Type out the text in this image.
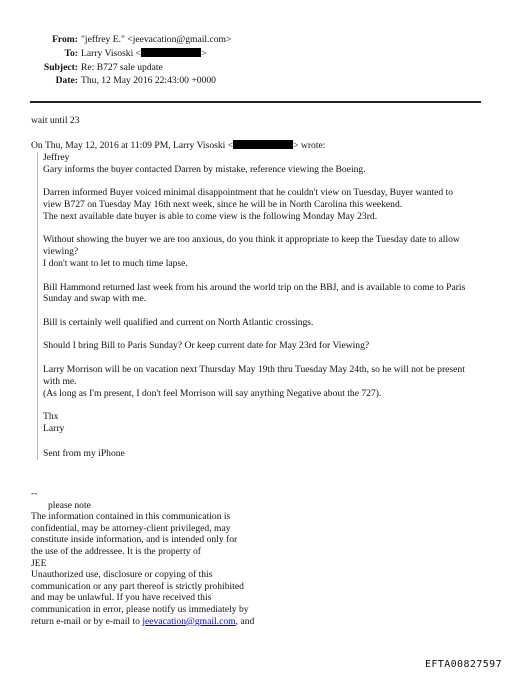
From: "jeffrey E." <jeevacation@gmail.com>
To: Larry Visoski <	>
Subject: Re: B727 sale update
Date: Thu, 12 May 2016 22:43:00 +0000

wait until 23

On Thu, May 12, 2016 at 11:09 PM, Larry Visoski <	> wrote:

Jeffrey

Gary informs the buyer contacted Darren by mistake, reference viewing the Boeing.

Darren informed Buyer voiced minimal disappointment that he couldn't view on Tuesday, Buyer wanted to view B727 on Tuesday May 16th next week, since he will be in North Carolina this weekend.

The next available date buyer is able to come view is the following Monday May 23rd.

Without showing the buyer we are too anxious, do you think it appropriate to keep the Tuesday date to allow viewing?

I don't want to let to much time lapse.

Bill Hammond returned last week from his around the world trip on the BBJ, and is available to come to Paris Sunday and swap with me.

Bill is certainly well qualified and current on North Atlantic crossings.

Should I bring Bill to Paris Sunday? Or keep current date for May 23rd for Viewing?

Larry Morrison will be on vacation next Thursday May 19th thru Tuesday May 24th, so he will not be present with me.

(As long as I'm present, I don't feel Morrison will say anything Negative about the 727).

Thx

Larry

Sent from my iPhone

--

please note

The information contained in this communication is

confidential, may be attorney-client privileged, may

constitute inside information, and is intended only for

the use of the addressee. It is the property of

JEE

Unauthorized use, disclosure or copying of this

communication or any part thereof is strictly prohibited

and may be unlawful. If you have received this

communication in error, please notify us immediately by

return e-mail or by e-mail to jeevacation@gmail.com, and

EFTA00827597
